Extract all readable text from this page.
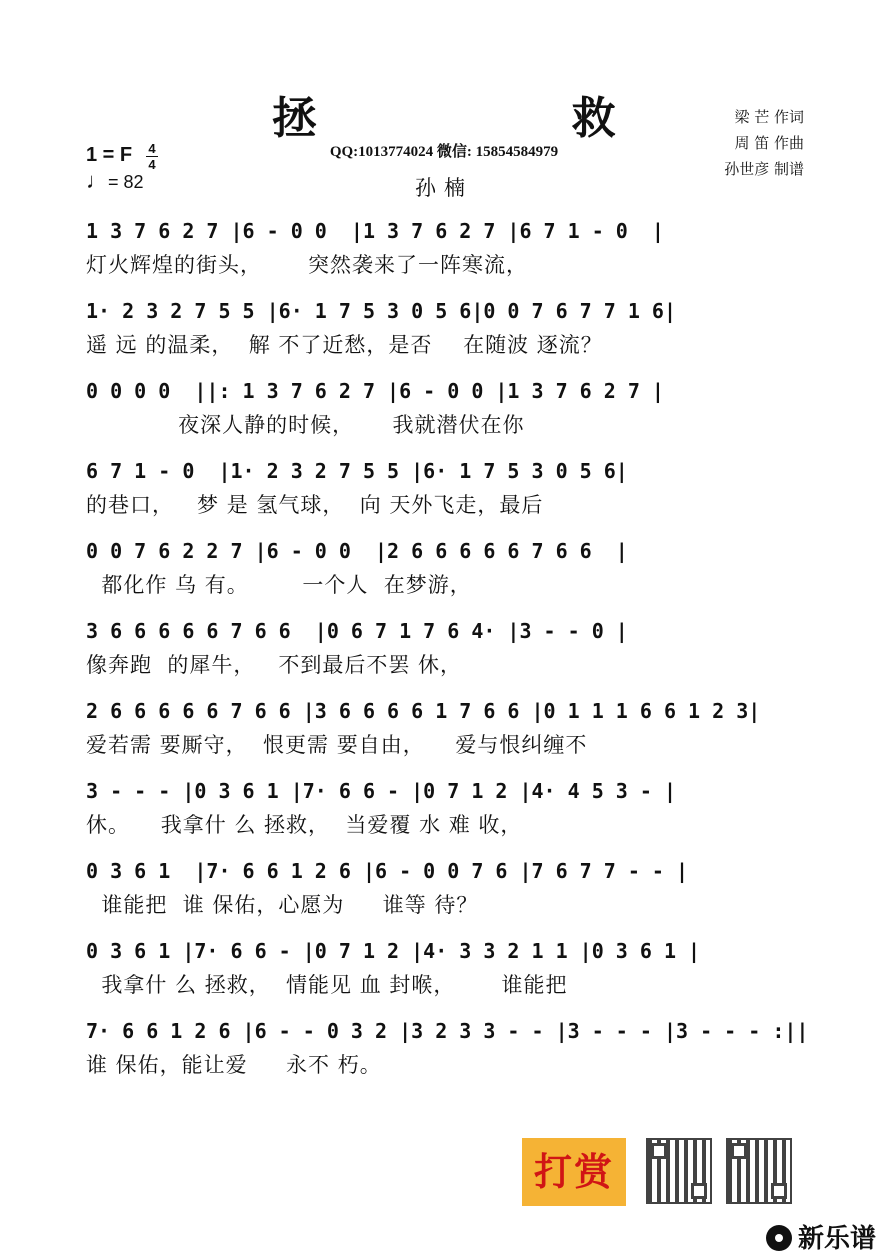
拯 救
QQ:1013774024 微信: 15854584979
孙楠
梁 芒 作词
周 笛 作曲
孙世彦 制谱
1 = F 4
4
♩= 82
1 3 7 6 2 7 |6 - 0 0  |1 3 7 6 2 7 |6 7 1 - 0  |
灯火辉煌的街头，      突然袭来了一阵寒流，
1· 2 3 2 7 5 5 |6· 1 7 5 3 0 5 6|0 0 7 6 7 7 1 6|
遥 远 的温柔，  解 不了近愁，是否    在随波 逐流？
0 0 0 0  ||: 1 3 7 6 2 7 |6 - 0 0 |1 3 7 6 2 7 |
夜深人静的时候，     我就潜伏在你
6 7 1 - 0  |1· 2 3 2 7 5 5 |6· 1 7 5 3 0 5 6|
的巷口，   梦 是 氢气球，  向 天外飞走，最后
0 0 7 6 2 2 7 |6 - 0 0  |2 6 6 6 6 6 7 6 6  |
都化作 乌 有。       一个人  在梦游，
3 6 6 6 6 6 7 6 6  |0 6 7 1 7 6 4· |3 - - 0 |
像奔跑  的犀牛，   不到最后不罢 休，
2 6 6 6 6 6 7 6 6 |3 6 6 6 6 1 7 6 6 |0 1 1 1 6 6 1 2 3|
爱若需 要厮守，  恨更需 要自由，    爱与恨纠缠不
3 - - - |0 3 6 1 |7· 6 6 - |0 7 1 2 |4· 4 5 3 - |
休。    我拿什 么 拯救，  当爱覆 水 难 收，
0 3 6 1  |7· 6 6 1 2 6 |6 - 0 0 7 6 |7 6 7 7 - - |
谁能把  谁 保佑，心愿为     谁等 待？
0 3 6 1 |7· 6 6 - |0 7 1 2 |4· 3 3 2 1 1 |0 3 6 1 |
我拿什 么 拯救，  情能见 血 封喉，      谁能把
7· 6 6 1 2 6 |6 - - 0 3 2 |3 2 3 3 - - |3 - - - |3 - - - :||
谁 保佑，能让爱     永不 朽。
打赏
新乐谱
